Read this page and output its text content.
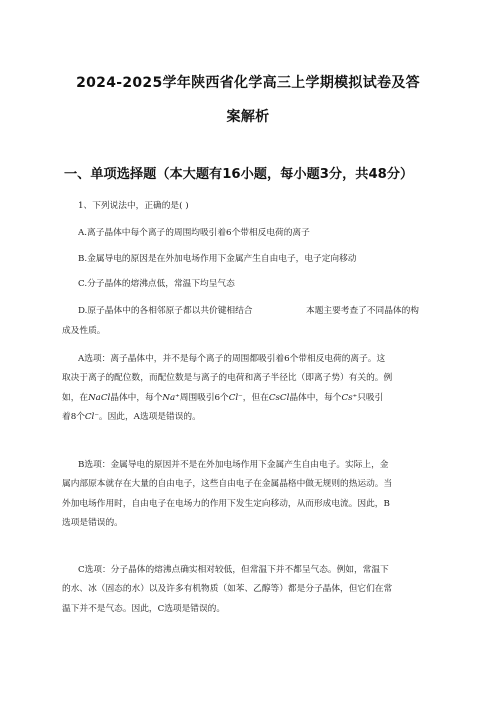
2024-2025学年陕西省化学高三上学期模拟试卷及答
案解析
一、单项选择题（本大题有16小题，每小题3分，共48分）
1、下列说法中，正确的是( )
A.离子晶体中每个离子的周围均吸引着6个带相反电荷的离子
B.金属导电的原因是在外加电场作用下金属产生自由电子，电子定向移动
C.分子晶体的熔沸点低，常温下均呈气态
D.原子晶体中的各相邻原子都以共价键相结合	本题主要考查了不同晶体的构
成及性质。
A选项：离子晶体中，并不是每个离子的周围都吸引着6个带相反电荷的离子。这
取决于离子的配位数，而配位数是与离子的电荷和离子半径比（即离子势）有关的。例
如，在NaCl晶体中，每个Na⁺周围吸引6个Cl⁻，但在CsCl晶体中，每个Cs⁺只吸引
着8个Cl⁻。因此，A选项是错误的。
B选项：金属导电的原因并不是在外加电场作用下金属产生自由电子。实际上，金
属内部原本就存在大量的自由电子，这些自由电子在金属晶格中做无规则的热运动。当
外加电场作用时，自由电子在电场力的作用下发生定向移动，从而形成电流。因此，B
选项是错误的。
C选项：分子晶体的熔沸点确实相对较低，但常温下并不都呈气态。例如，常温下
的水、冰（固态的水）以及许多有机物质（如苯、乙醇等）都是分子晶体，但它们在常
温下并不是气态。因此，C选项是错误的。
